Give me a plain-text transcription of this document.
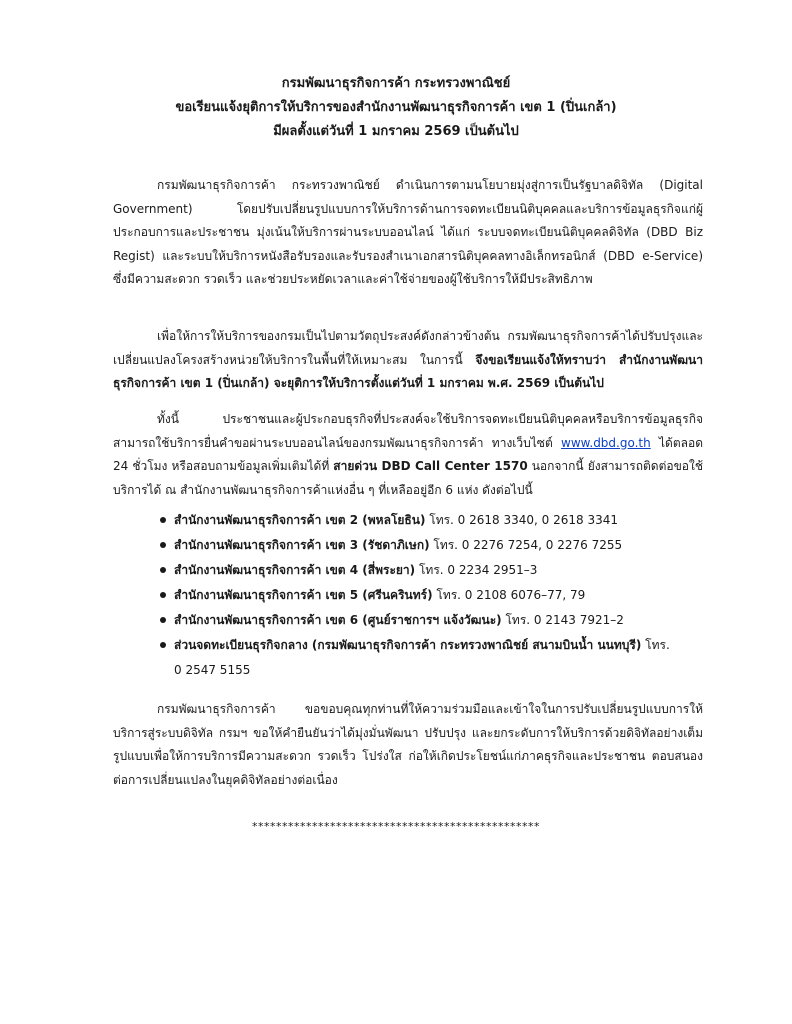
กรมพัฒนาธุรกิจการค้า กระทรวงพาณิชย์
ขอเรียนแจ้งยุติการให้บริการของสำนักงานพัฒนาธุรกิจการค้า เขต 1 (ปิ่นเกล้า)
มีผลตั้งแต่วันที่ 1 มกราคม 2569 เป็นต้นไป

กรมพัฒนาธุรกิจการค้า กระทรวงพาณิชย์ ดำเนินการตามนโยบายมุ่งสู่การเป็นรัฐบาลดิจิทัล (Digital Government) โดยปรับเปลี่ยนรูปแบบการให้บริการด้านการจดทะเบียนนิติบุคคลและบริการข้อมูลธุรกิจแก่ผู้ประกอบการและประชาชน มุ่งเน้นให้บริการผ่านระบบออนไลน์ ได้แก่ ระบบจดทะเบียนนิติบุคคลดิจิทัล (DBD Biz Regist) และระบบให้บริการหนังสือรับรองและรับรองสำเนาเอกสารนิติบุคคลทางอิเล็กทรอนิกส์ (DBD e-Service) ซึ่งมีความสะดวก รวดเร็ว และช่วยประหยัดเวลาและค่าใช้จ่ายของผู้ใช้บริการให้มีประสิทธิภาพ

เพื่อให้การให้บริการของกรมเป็นไปตามวัตถุประสงค์ดังกล่าวข้างต้น กรมพัฒนาธุรกิจการค้าได้ปรับปรุงและเปลี่ยนแปลงโครงสร้างหน่วยให้บริการในพื้นที่ให้เหมาะสม ในการนี้ จึงขอเรียนแจ้งให้ทราบว่า สำนักงานพัฒนาธุรกิจการค้า เขต 1 (ปิ่นเกล้า) จะยุติการให้บริการตั้งแต่วันที่ 1 มกราคม พ.ศ. 2569 เป็นต้นไป

ทั้งนี้ ประชาชนและผู้ประกอบธุรกิจที่ประสงค์จะใช้บริการจดทะเบียนนิติบุคคลหรือบริการข้อมูลธุรกิจ สามารถใช้บริการยื่นคำขอผ่านระบบออนไลน์ของกรมพัฒนาธุรกิจการค้า ทางเว็บไซต์ www.dbd.go.th ได้ตลอด 24 ชั่วโมง หรือสอบถามข้อมูลเพิ่มเติมได้ที่ สายด่วน DBD Call Center 1570 นอกจากนี้ ยังสามารถติดต่อขอใช้บริการได้ ณ สำนักงานพัฒนาธุรกิจการค้าแห่งอื่น ๆ ที่เหลืออยู่อีก 6 แห่ง ดังต่อไปนี้

สำนักงานพัฒนาธุรกิจการค้า เขต 2 (พหลโยธิน) โทร. 0 2618 3340, 0 2618 3341
สำนักงานพัฒนาธุรกิจการค้า เขต 3 (รัชดาภิเษก) โทร. 0 2276 7254, 0 2276 7255
สำนักงานพัฒนาธุรกิจการค้า เขต 4 (สี่พระยา) โทร. 0 2234 2951–3
สำนักงานพัฒนาธุรกิจการค้า เขต 5 (ศรีนครินทร์) โทร. 0 2108 6076–77, 79
สำนักงานพัฒนาธุรกิจการค้า เขต 6 (ศูนย์ราชการฯ แจ้งวัฒนะ) โทร. 0 2143 7921–2
ส่วนจดทะเบียนธุรกิจกลาง (กรมพัฒนาธุรกิจการค้า กระทรวงพาณิชย์ สนามบินน้ำ นนทบุรี) โทร. 0 2547 5155

กรมพัฒนาธุรกิจการค้า ขอขอบคุณทุกท่านที่ให้ความร่วมมือและเข้าใจในการปรับเปลี่ยนรูปแบบการให้บริการสู่ระบบดิจิทัล กรมฯ ขอให้คำยืนยันว่าได้มุ่งมั่นพัฒนา ปรับปรุง และยกระดับการให้บริการด้วยดิจิทัลอย่างเต็มรูปแบบเพื่อให้การบริการมีความสะดวก รวดเร็ว โปร่งใส ก่อให้เกิดประโยชน์แก่ภาคธุรกิจและประชาชน ตอบสนองต่อการเปลี่ยนแปลงในยุคดิจิทัลอย่างต่อเนื่อง

************************************************
